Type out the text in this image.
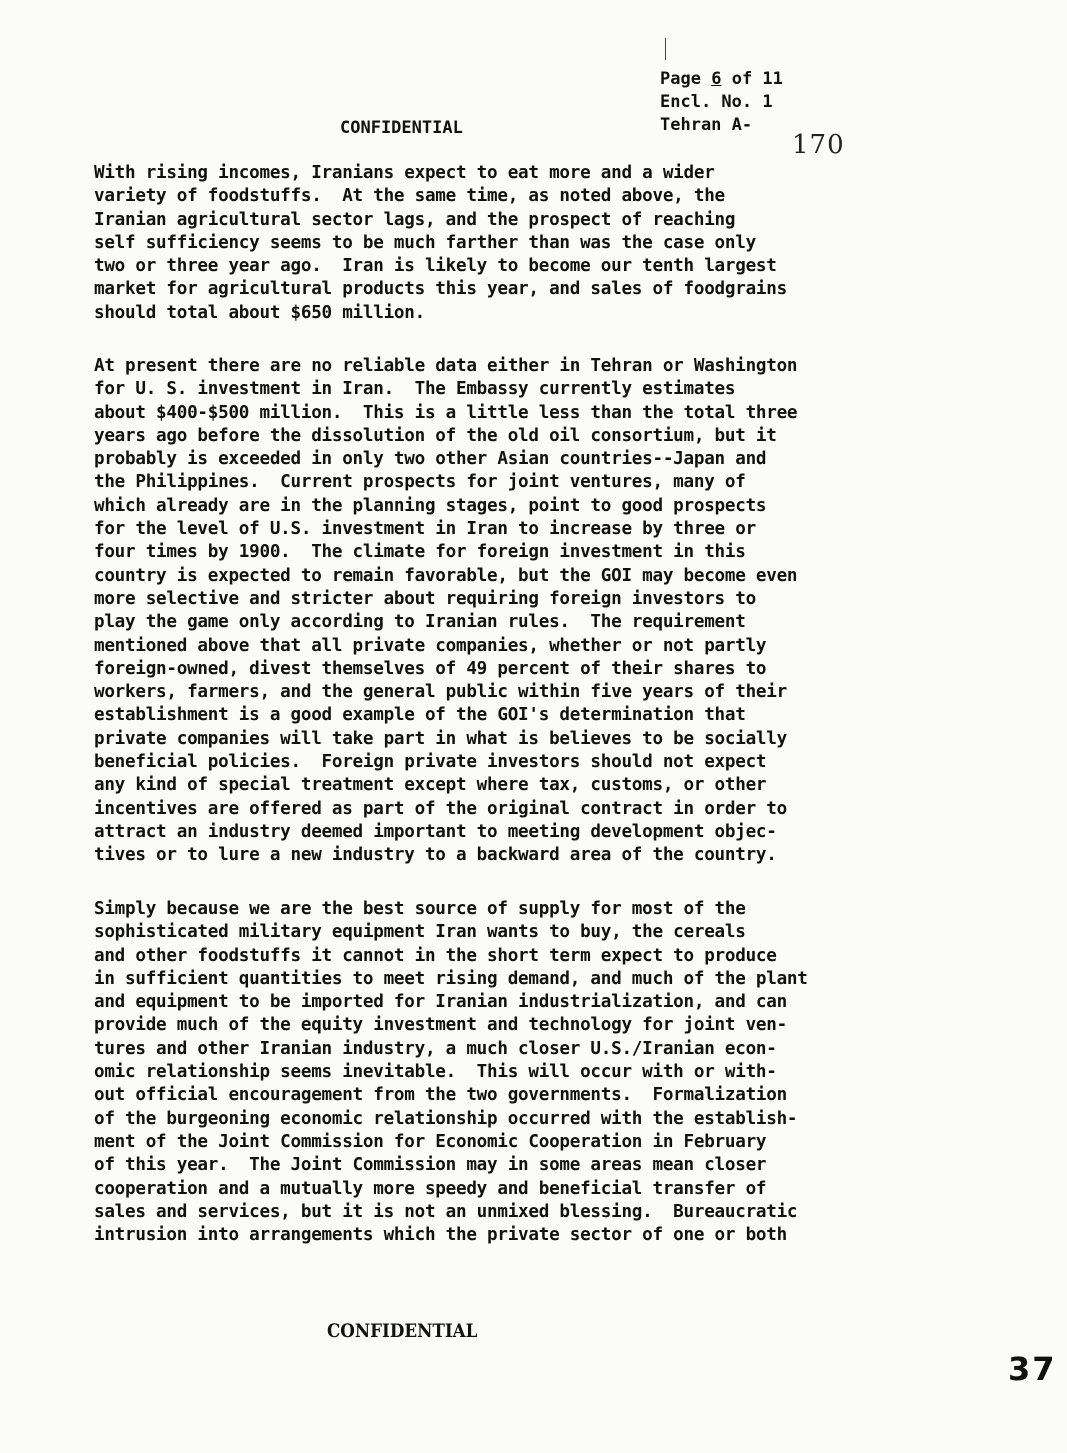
Page 6 of 11
Encl. No. 1
Tehran A-
170
CONFIDENTIAL

With rising incomes, Iranians expect to eat more and a wider
variety of foodstuffs.  At the same time, as noted above, the
Iranian agricultural sector lags, and the prospect of reaching
self sufficiency seems to be much farther than was the case only
two or three year ago.  Iran is likely to become our tenth largest
market for agricultural products this year, and sales of foodgrains
should total about $650 million.

At present there are no reliable data either in Tehran or Washington
for U. S. investment in Iran.  The Embassy currently estimates
about $400-$500 million.  This is a little less than the total three
years ago before the dissolution of the old oil consortium, but it
probably is exceeded in only two other Asian countries--Japan and
the Philippines.  Current prospects for joint ventures, many of
which already are in the planning stages, point to good prospects
for the level of U.S. investment in Iran to increase by three or
four times by 1900.  The climate for foreign investment in this
country is expected to remain favorable, but the GOI may become even
more selective and stricter about requiring foreign investors to
play the game only according to Iranian rules.  The requirement
mentioned above that all private companies, whether or not partly
foreign-owned, divest themselves of 49 percent of their shares to
workers, farmers, and the general public within five years of their
establishment is a good example of the GOI's determination that
private companies will take part in what is believes to be socially
beneficial policies.  Foreign private investors should not expect
any kind of special treatment except where tax, customs, or other
incentives are offered as part of the original contract in order to
attract an industry deemed important to meeting development objec-
tives or to lure a new industry to a backward area of the country.

Simply because we are the best source of supply for most of the
sophisticated military equipment Iran wants to buy, the cereals
and other foodstuffs it cannot in the short term expect to produce
in sufficient quantities to meet rising demand, and much of the plant
and equipment to be imported for Iranian industrialization, and can
provide much of the equity investment and technology for joint ven-
tures and other Iranian industry, a much closer U.S./Iranian econ-
omic relationship seems inevitable.  This will occur with or with-
out official encouragement from the two governments.  Formalization
of the burgeoning economic relationship occurred with the establish-
ment of the Joint Commission for Economic Cooperation in February
of this year.  The Joint Commission may in some areas mean closer
cooperation and a mutually more speedy and beneficial transfer of
sales and services, but it is not an unmixed blessing.  Bureaucratic
intrusion into arrangements which the private sector of one or both

CONFIDENTIAL
37
